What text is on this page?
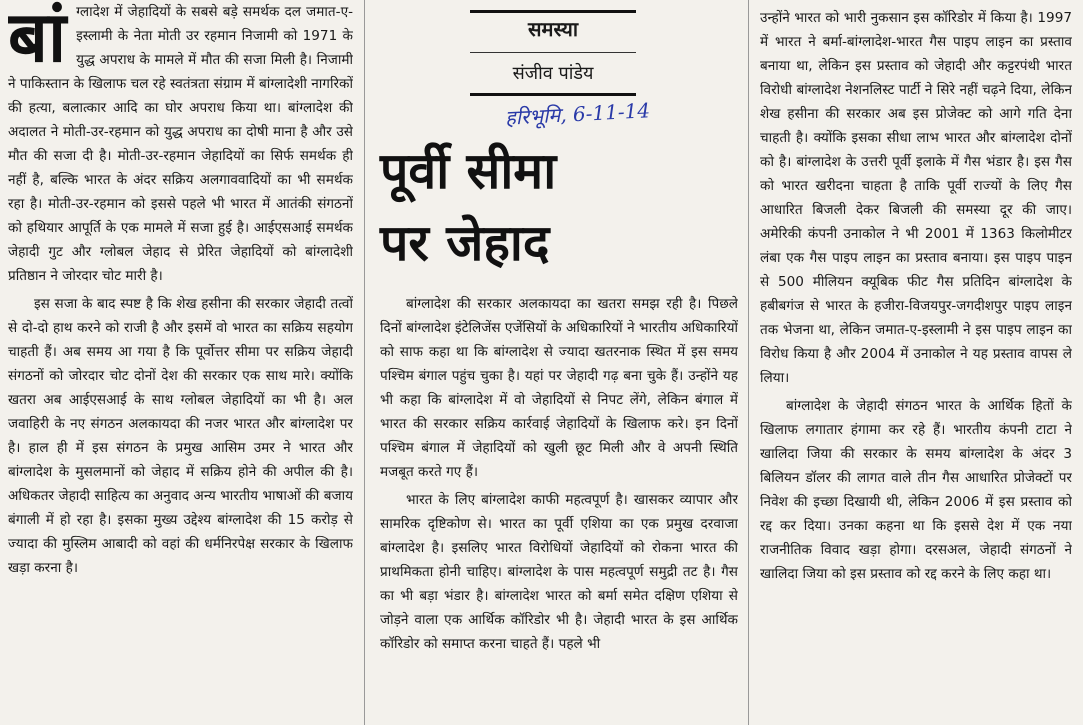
बां ग्लादेश में जेहादियों के सबसे बड़े समर्थक दल जमात-ए-इस्लामी के नेता मोती उर रहमान निजामी को 1971 के युद्ध अपराध के मामले में मौत की सजा मिली है। निजामी ने पाकिस्तान के खिलाफ चल रहे स्वतंत्रता संग्राम में बांग्लादेशी नागरिकों की हत्या, बलात्कार आदि का घोर अपराध किया था। बांग्लादेश की अदालत ने मोती-उर-रहमान को युद्ध अपराध का दोषी माना है और उसे मौत की सजा दी है। मोती-उर-रहमान जेहादियों का सिर्फ समर्थक ही नहीं है, बल्कि भारत के अंदर सक्रिय अलगाववादियों का भी समर्थक रहा है। मोती-उर-रहमान को इससे पहले भी भारत में आतंकी संगठनों को हथियार आपूर्ति के एक मामले में सजा हुई है। आईएसआई समर्थक जेहादी गुट और ग्लोबल जेहाद से प्रेरित जेहादियों को बांग्लादेशी प्रतिष्ठान ने जोरदार चोट मारी है।

इस सजा के बाद स्पष्ट है कि शेख हसीना की सरकार जेहादी तत्वों से दो-दो हाथ करने को राजी है और इसमें वो भारत का सक्रिय सहयोग चाहती हैं। अब समय आ गया है कि पूर्वोत्तर सीमा पर सक्रिय जेहादी संगठनों को जोरदार चोट दोनों देश की सरकार एक साथ मारे। क्योंकि खतरा अब आईएसआई के साथ ग्लोबल जेहादियों का भी है। अल जवाहिरी के नए संगठन अलकायदा की नजर भारत और बांग्लादेश पर है। हाल ही में इस संगठन के प्रमुख आसिम उमर ने भारत और बांग्लादेश के मुसलमानों को जेहाद में सक्रिय होने की अपील की है। अधिकतर जेहादी साहित्य का अनुवाद अन्य भारतीय भाषाओं की बजाय बंगाली में हो रहा है। इसका मुख्य उद्देश्य बांग्लादेश की 15 करोड़ से ज्यादा की मुस्लिम आबादी को वहां की धर्मनिरपेक्ष सरकार के खिलाफ खड़ा करना है।

समस्या
संजीव पांडेय
हरिभूमि, 6-11-14
पूर्वी सीमा
पर जेहाद

बांग्लादेश की सरकार अलकायदा का खतरा समझ रही है। पिछले दिनों बांग्लादेश इंटेलिजेंस एजेंसियों के अधिकारियों ने भारतीय अधिकारियों को साफ कहा था कि बांग्लादेश से ज्यादा खतरनाक स्थित में इस समय पश्चिम बंगाल पहुंच चुका है। यहां पर जेहादी गढ़ बना चुके हैं। उन्होंने यह भी कहा कि बांग्लादेश में वो जेहादियों से निपट लेंगे, लेकिन बंगाल में भारत की सरकार सक्रिय कार्रवाई जेहादियों के खिलाफ करे। इन दिनों पश्चिम बंगाल में जेहादियों को खुली छूट मिली और वे अपनी स्थिति मजबूत करते गए हैं।

भारत के लिए बांग्लादेश काफी महत्वपूर्ण है। खासकर व्यापार और सामरिक दृष्टिकोण से। भारत का पूर्वी एशिया का एक प्रमुख दरवाजा बांग्लादेश है। इसलिए भारत विरोधियों जेहादियों को रोकना भारत की प्राथमिकता होनी चाहिए। बांग्लादेश के पास महत्वपूर्ण समुद्री तट है। गैस का भी बड़ा भंडार है। बांग्लादेश भारत को बर्मा समेत दक्षिण एशिया से जोड़ने वाला एक आर्थिक कॉरिडोर भी है। जेहादी भारत के इस आर्थिक कॉरिडोर को समाप्त करना चाहते हैं। पहले भी

उन्होंने भारत को भारी नुकसान इस कॉरिडोर में किया है। 1997 में भारत ने बर्मा-बांग्लादेश-भारत गैस पाइप लाइन का प्रस्ताव बनाया था, लेकिन इस प्रस्ताव को जेहादी और कट्टरपंथी भारत विरोधी बांग्लादेश नेशनलिस्ट पार्टी ने सिरे नहीं चढ़ने दिया, लेकिन शेख हसीना की सरकार अब इस प्रोजेक्ट को आगे गति देना चाहती है। क्योंकि इसका सीधा लाभ भारत और बांग्लादेश दोनों को है। बांग्लादेश के उत्तरी पूर्वी इलाके में गैस भंडार है। इस गैस को भारत खरीदना चाहता है ताकि पूर्वी राज्यों के लिए गैस आधारित बिजली देकर बिजली की समस्या दूर की जाए। अमेरिकी कंपनी उनाकोल ने भी 2001 में 1363 किलोमीटर लंबा एक गैस पाइप लाइन का प्रस्ताव बनाया। इस पाइप पाइन से 500 मीलियन क्यूबिक फीट गैस प्रतिदिन बांग्लादेश के हबीबगंज से भारत के हजीरा-विजयपुर-जगदीशपुर पाइप लाइन तक भेजना था, लेकिन जमात-ए-इस्लामी ने इस पाइप लाइन का विरोध किया है और 2004 में उनाकोल ने यह प्रस्ताव वापस ले लिया।

बांग्लादेश के जेहादी संगठन भारत के आर्थिक हितों के खिलाफ लगातार हंगामा कर रहे हैं। भारतीय कंपनी टाटा ने खालिदा जिया की सरकार के समय बांग्लादेश के अंदर 3 बिलियन डॉलर की लागत वाले तीन गैस आधारित प्रोजेक्टों पर निवेश की इच्छा दिखायी थी, लेकिन 2006 में इस प्रस्ताव को रद्द कर दिया। उनका कहना था कि इससे देश में एक नया राजनीतिक विवाद खड़ा होगा। दरसअल, जेहादी संगठनों ने खालिदा जिया को इस प्रस्ताव को रद्द करने के लिए कहा था।
